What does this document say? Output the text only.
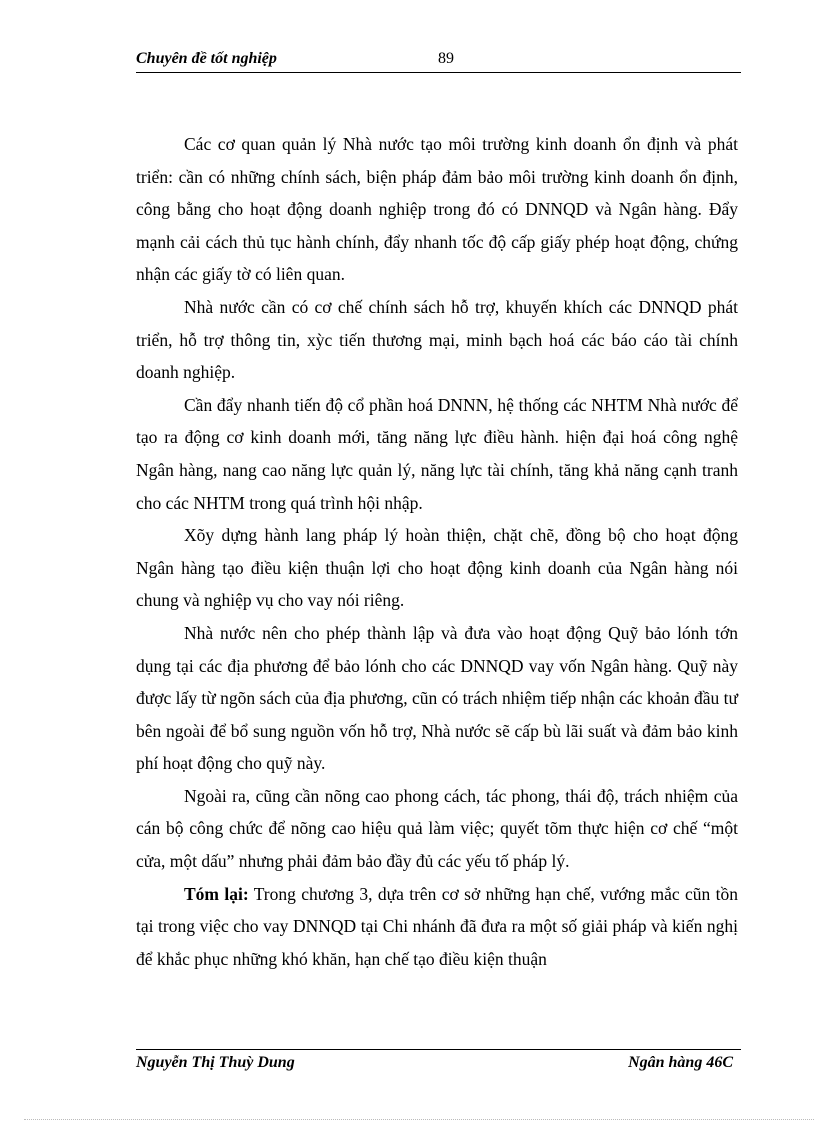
Chuyên đề tốt nghiệp	89

Các cơ quan quản lý Nhà nước tạo môi trường kinh doanh ổn định và phát triển: cần có những chính sách, biện pháp đảm bảo môi trường kinh doanh ổn định, công bằng cho hoạt động doanh nghiệp trong đó có DNNQD và Ngân hàng. Đẩy mạnh cải cách thủ tục hành chính, đẩy nhanh tốc độ cấp giấy phép hoạt động, chứng nhận các giấy tờ có liên quan.

Nhà nước cần có cơ chế chính sách hỗ trợ, khuyến khích các DNNQD phát triển, hỗ trợ thông tin, xỳc tiến thương mại, minh bạch hoá các báo cáo tài chính doanh nghiệp.

Cần đẩy nhanh tiến độ cổ phần hoá DNNN, hệ thống các NHTM Nhà nước để tạo ra động cơ kinh doanh mới, tăng năng lực điều hành. hiện đại hoá công nghệ Ngân hàng, nang cao năng lực quản lý, năng lực tài chính, tăng khả năng cạnh tranh cho các NHTM trong quá trình hội nhập.

Xõy dựng hành lang pháp lý hoàn thiện, chặt chẽ, đồng bộ cho hoạt động Ngân hàng tạo điều kiện thuận lợi cho hoạt động kinh doanh của Ngân hàng nói chung và nghiệp vụ cho vay nói riêng.

Nhà nước nên cho phép thành lập và đưa vào hoạt động Quỹ bảo lónh tớn dụng tại các địa phương để bảo lónh cho các DNNQD vay vốn Ngân hàng. Quỹ này được lấy từ ngõn sách của địa phương, cũn có trách nhiệm tiếp nhận các khoản đầu tư bên ngoài để bổ sung nguồn vốn hỗ trợ, Nhà nước sẽ cấp bù lãi suất và đảm bảo kinh phí hoạt động cho quỹ này.

Ngoài ra, cũng cần nõng cao phong cách, tác phong, thái độ, trách nhiệm của cán bộ công chức để nõng cao hiệu quả làm việc; quyết tõm thực hiện cơ chế “một cửa, một dấu” nhưng phải đảm bảo đầy đủ các yếu tố pháp lý.

Tóm lại: Trong chương 3, dựa trên cơ sở những hạn chế, vướng mắc cũn tồn tại trong việc cho vay DNNQD tại Chi nhánh đã đưa ra một số giải pháp và kiến nghị để khắc phục những khó khăn, hạn chế tạo điều kiện thuận

Nguyễn Thị Thuỳ Dung	Ngân hàng 46C
